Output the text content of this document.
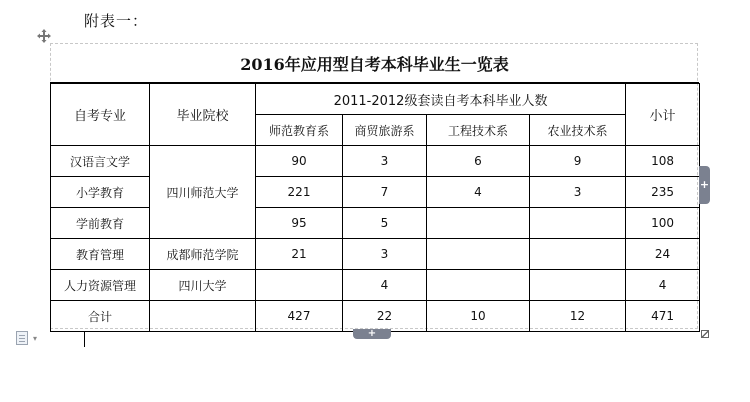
附表一：
2016年应用型自考本科毕业生一览表
自考专业	毕业院校	2011-2012级套读自考本科毕业人数				小计
		师范教育系	商贸旅游系	工程技术系	农业技术系	
汉语言文学	四川师范大学	90	3	6	9	108
小学教育		221	7	4	3	235
学前教育		95	5			100
教育管理	成都师范学院	21	3			24
人力资源管理	四川大学		4			4
合计		427	22	10	12	471
+
+
▾
